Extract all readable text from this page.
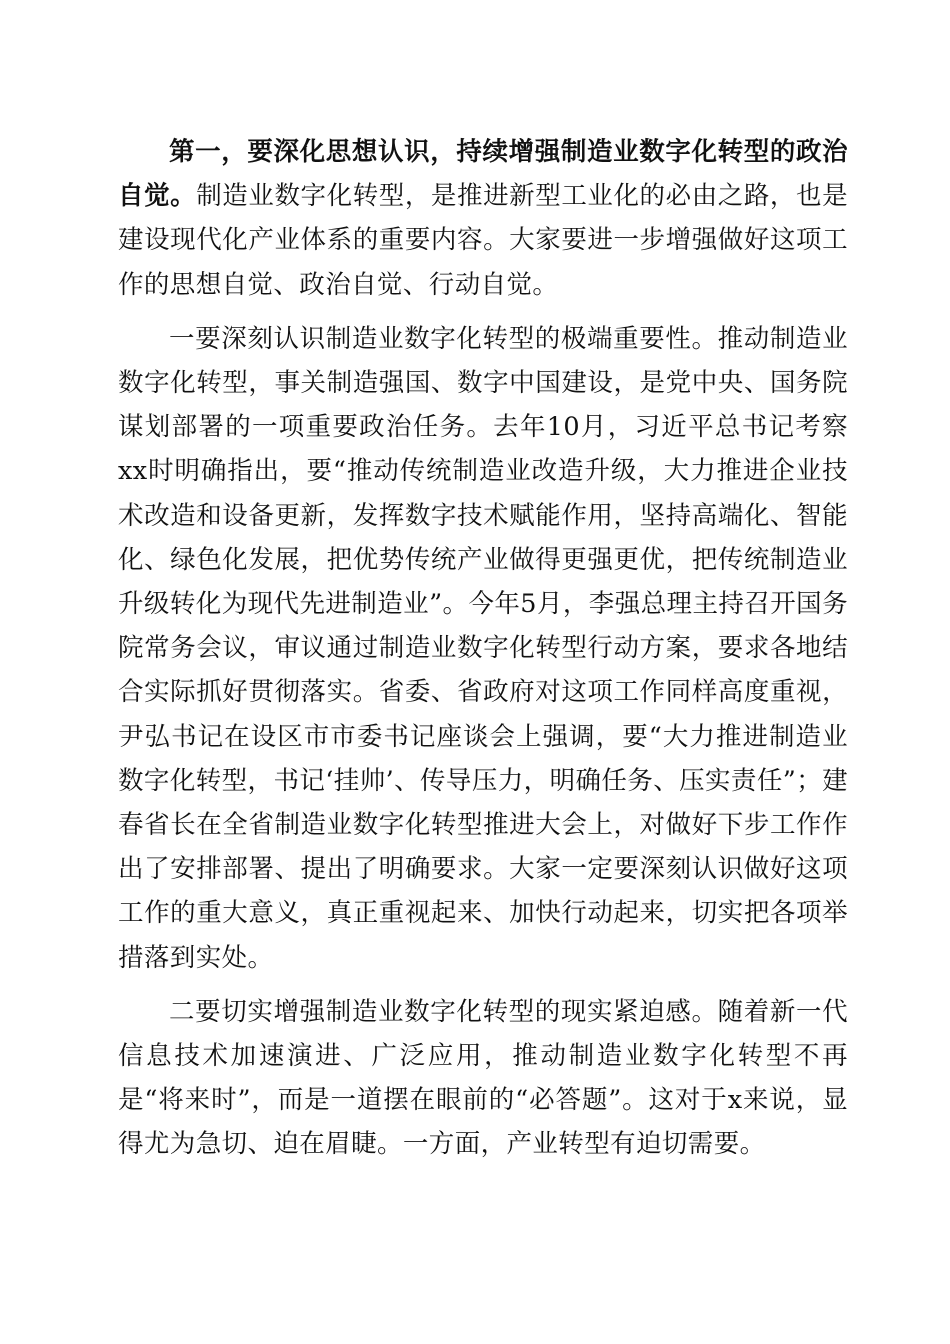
第一，要深化思想认识，持续增强制造业数字化转型的政治自觉。制造业数字化转型，是推进新型工业化的必由之路，也是建设现代化产业体系的重要内容。大家要进一步增强做好这项工作的思想自觉、政治自觉、行动自觉。

一要深刻认识制造业数字化转型的极端重要性。推动制造业数字化转型，事关制造强国、数字中国建设，是党中央、国务院谋划部署的一项重要政治任务。去年10月，习近平总书记考察xx时明确指出，要“推动传统制造业改造升级，大力推进企业技术改造和设备更新，发挥数字技术赋能作用，坚持高端化、智能化、绿色化发展，把优势传统产业做得更强更优，把传统制造业升级转化为现代先进制造业”。今年5月，李强总理主持召开国务院常务会议，审议通过制造业数字化转型行动方案，要求各地结合实际抓好贯彻落实。省委、省政府对这项工作同样高度重视，尹弘书记在设区市市委书记座谈会上强调，要“大力推进制造业数字化转型，书记‘挂帅’、传导压力，明确任务、压实责任”；建春省长在全省制造业数字化转型推进大会上，对做好下步工作作出了安排部署、提出了明确要求。大家一定要深刻认识做好这项工作的重大意义，真正重视起来、加快行动起来，切实把各项举措落到实处。

二要切实增强制造业数字化转型的现实紧迫感。随着新一代信息技术加速演进、广泛应用，推动制造业数字化转型不再是“将来时”，而是一道摆在眼前的“必答题”。这对于x来说，显得尤为急切、迫在眉睫。一方面，产业转型有迫切需要。
